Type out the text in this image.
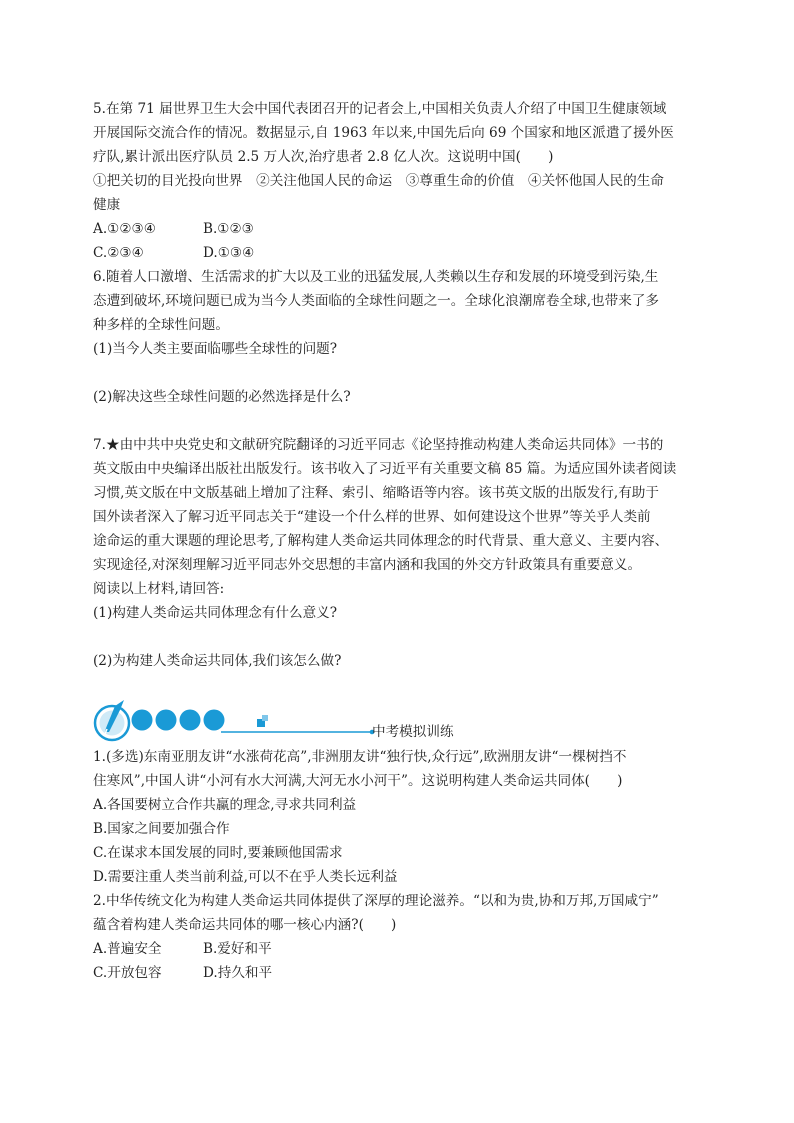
5.在第 71 届世界卫生大会中国代表团召开的记者会上,中国相关负责人介绍了中国卫生健康领域
开展国际交流合作的情况。数据显示,自 1963 年以来,中国先后向 69 个国家和地区派遣了援外医
疗队,累计派出医疗队员 2.5 万人次,治疗患者 2.8 亿人次。这说明中国(　　)
①把关切的目光投向世界　②关注他国人民的命运　③尊重生命的价值　④关怀他国人民的生命
健康
A.①②③④	B.①②③
C.②③④	D.①③④
6.随着人口激增、生活需求的扩大以及工业的迅猛发展,人类赖以生存和发展的环境受到污染,生
态遭到破坏,环境问题已成为当今人类面临的全球性问题之一。全球化浪潮席卷全球,也带来了多
种多样的全球性问题。
(1)当今人类主要面临哪些全球性的问题?
(2)解决这些全球性问题的必然选择是什么?
7.★由中共中央党史和文献研究院翻译的习近平同志《论坚持推动构建人类命运共同体》一书的
英文版由中央编译出版社出版发行。该书收入了习近平有关重要文稿 85 篇。为适应国外读者阅读
习惯,英文版在中文版基础上增加了注释、索引、缩略语等内容。该书英文版的出版发行,有助于
国外读者深入了解习近平同志关于“建设一个什么样的世界、如何建设这个世界”等关乎人类前
途命运的重大课题的理论思考,了解构建人类命运共同体理念的时代背景、重大意义、主要内容、
实现途径,对深刻理解习近平同志外交思想的丰富内涵和我国的外交方针政策具有重要意义。
阅读以上材料,请回答:
(1)构建人类命运共同体理念有什么意义?
(2)为构建人类命运共同体,我们该怎么做?
中考模拟训练
1.(多选)东南亚朋友讲“水涨荷花高”,非洲朋友讲“独行快,众行远”,欧洲朋友讲“一棵树挡不
住寒风”,中国人讲“小河有水大河满,大河无水小河干”。这说明构建人类命运共同体(　　)
A.各国要树立合作共赢的理念,寻求共同利益
B.国家之间要加强合作
C.在谋求本国发展的同时,要兼顾他国需求
D.需要注重人类当前利益,可以不在乎人类长远利益
2.中华传统文化为构建人类命运共同体提供了深厚的理论滋养。“以和为贵,协和万邦,万国咸宁”
蕴含着构建人类命运共同体的哪一核心内涵?(　　)
A.普遍安全	B.爱好和平
C.开放包容	D.持久和平
